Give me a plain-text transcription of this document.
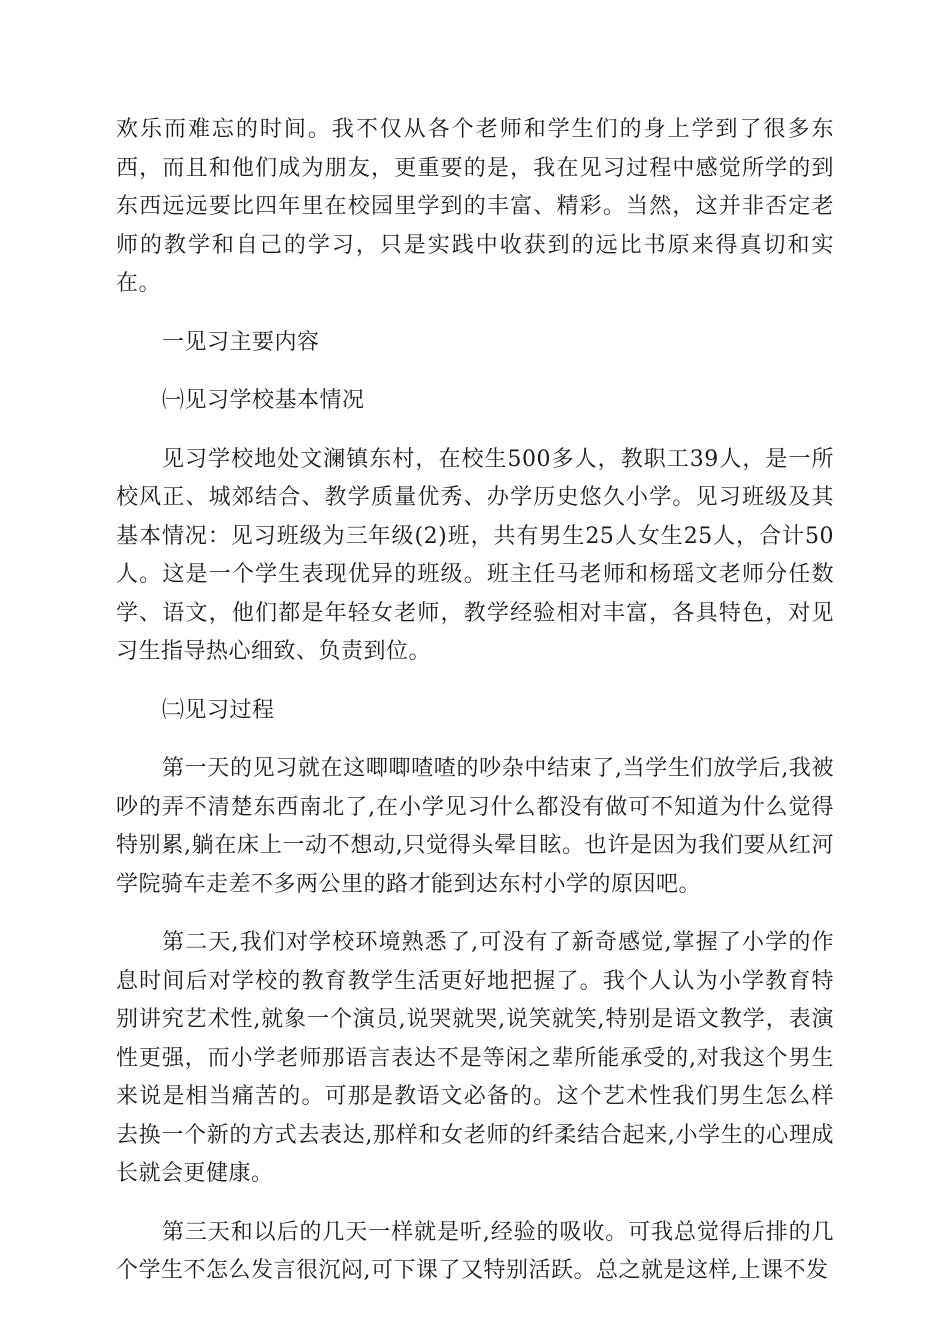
欢乐而难忘的时间。我不仅从各个老师和学生们的身上学到了很多东西，而且和他们成为朋友，更重要的是，我在见习过程中感觉所学的到东西远远要比四年里在校园里学到的丰富、精彩。当然，这并非否定老师的教学和自己的学习，只是实践中收获到的远比书原来得真切和实在。

一见习主要内容

㈠见习学校基本情况

见习学校地处文澜镇东村，在校生500多人，教职工39人，是一所校风正、城郊结合、教学质量优秀、办学历史悠久小学。见习班级及其基本情况：见习班级为三年级(2)班，共有男生25人女生25人，合计50人。这是一个学生表现优异的班级。班主任马老师和杨瑶文老师分任数学、语文，他们都是年轻女老师，教学经验相对丰富，各具特色，对见习生指导热心细致、负责到位。

㈡见习过程

第一天的见习就在这唧唧喳喳的吵杂中结束了,当学生们放学后,我被吵的弄不清楚东西南北了,在小学见习什么都没有做可不知道为什么觉得特别累,躺在床上一动不想动,只觉得头晕目眩。也许是因为我们要从红河学院骑车走差不多两公里的路才能到达东村小学的原因吧。

第二天,我们对学校环境熟悉了,可没有了新奇感觉,掌握了小学的作息时间后对学校的教育教学生活更好地把握了。我个人认为小学教育特别讲究艺术性,就象一个演员,说哭就哭,说笑就笑,特别是语文教学，表演性更强，而小学老师那语言表达不是等闲之辈所能承受的,对我这个男生来说是相当痛苦的。可那是教语文必备的。这个艺术性我们男生怎么样去换一个新的方式去表达,那样和女老师的纤柔结合起来,小学生的心理成长就会更健康。

第三天和以后的几天一样就是听,经验的吸收。可我总觉得后排的几个学生不怎么发言很沉闷,可下课了又特别活跃。总之就是这样,上课不发
